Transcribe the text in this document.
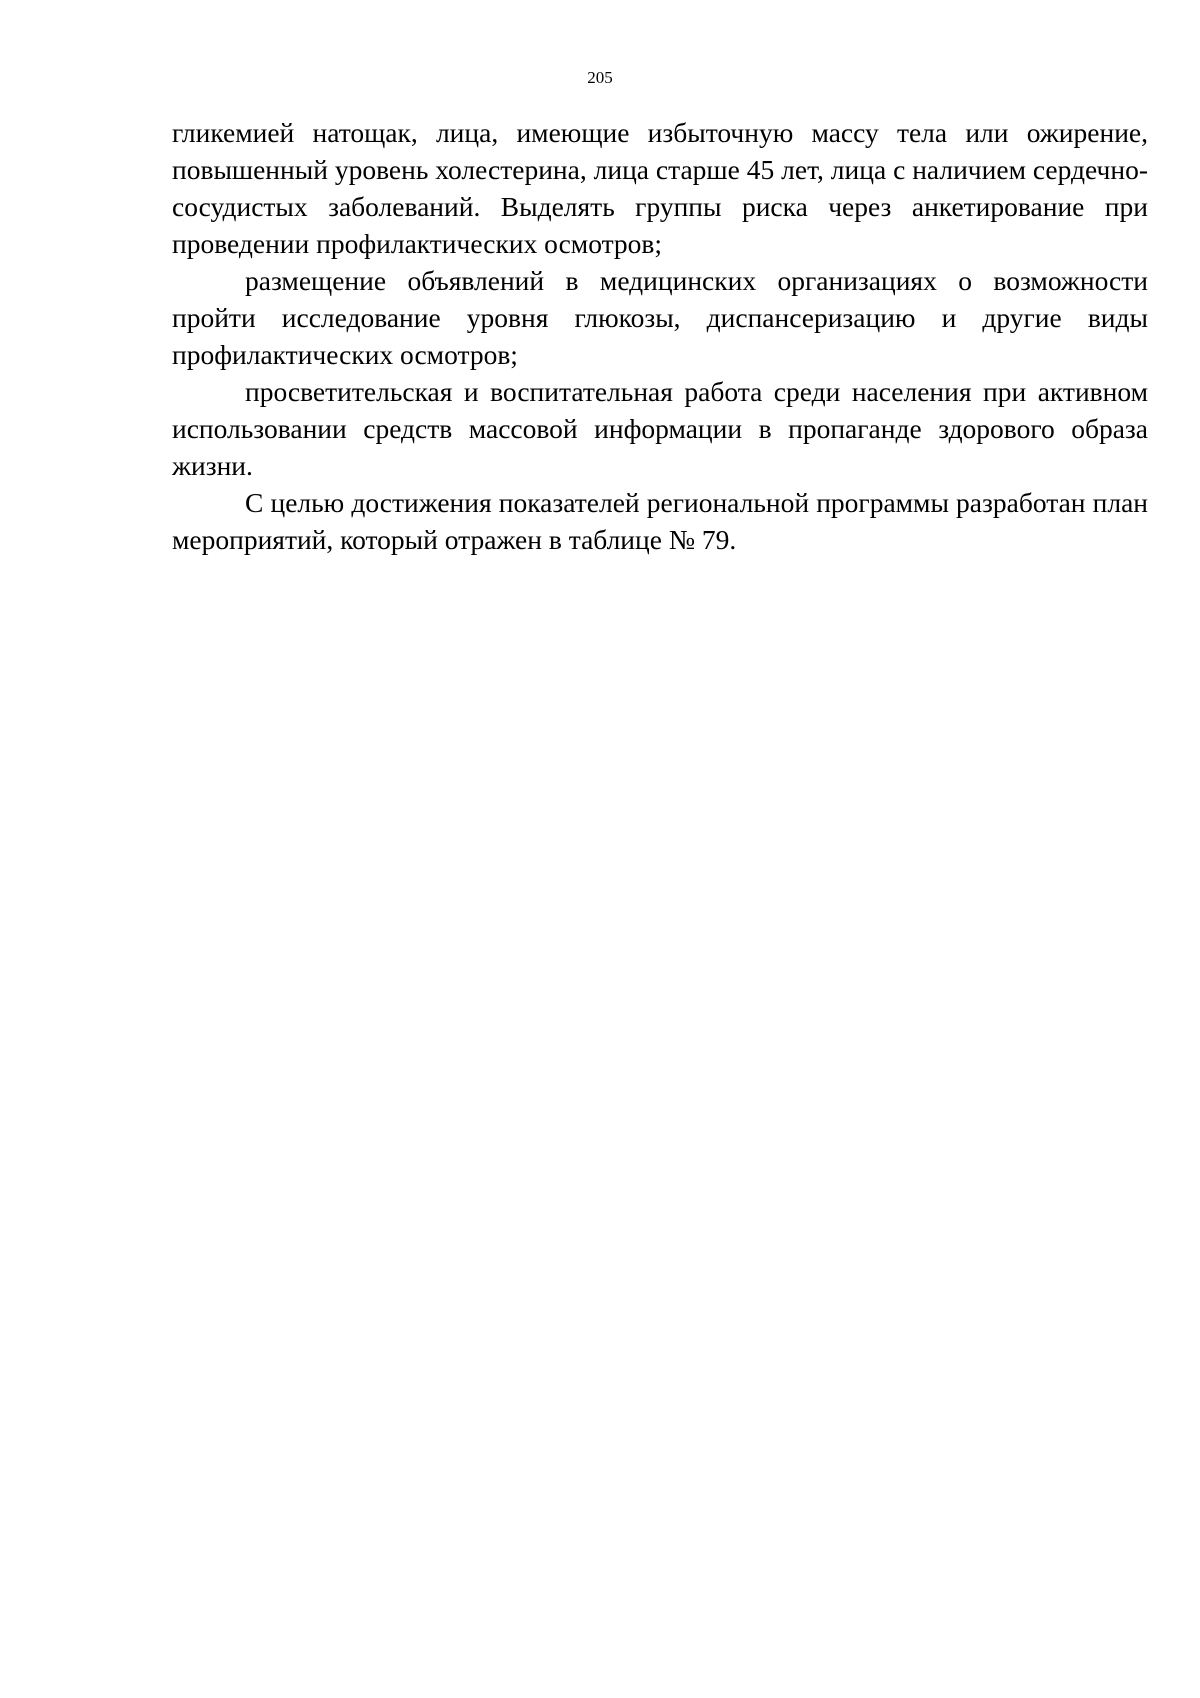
205

гликемией натощак, лица, имеющие избыточную массу тела или ожирение, повышенный уровень холестерина, лица старше 45 лет, лица с наличием сердечно-сосудистых заболеваний. Выделять группы риска через анкетирование при проведении профилактических осмотров;

размещение объявлений в медицинских организациях о возможности пройти исследование уровня глюкозы, диспансеризацию и другие виды профилактических осмотров;

просветительская и воспитательная работа среди населения при активном использовании средств массовой информации в пропаганде здорового образа жизни.

С целью достижения показателей региональной программы разработан план мероприятий, который отражен в таблице № 79.
